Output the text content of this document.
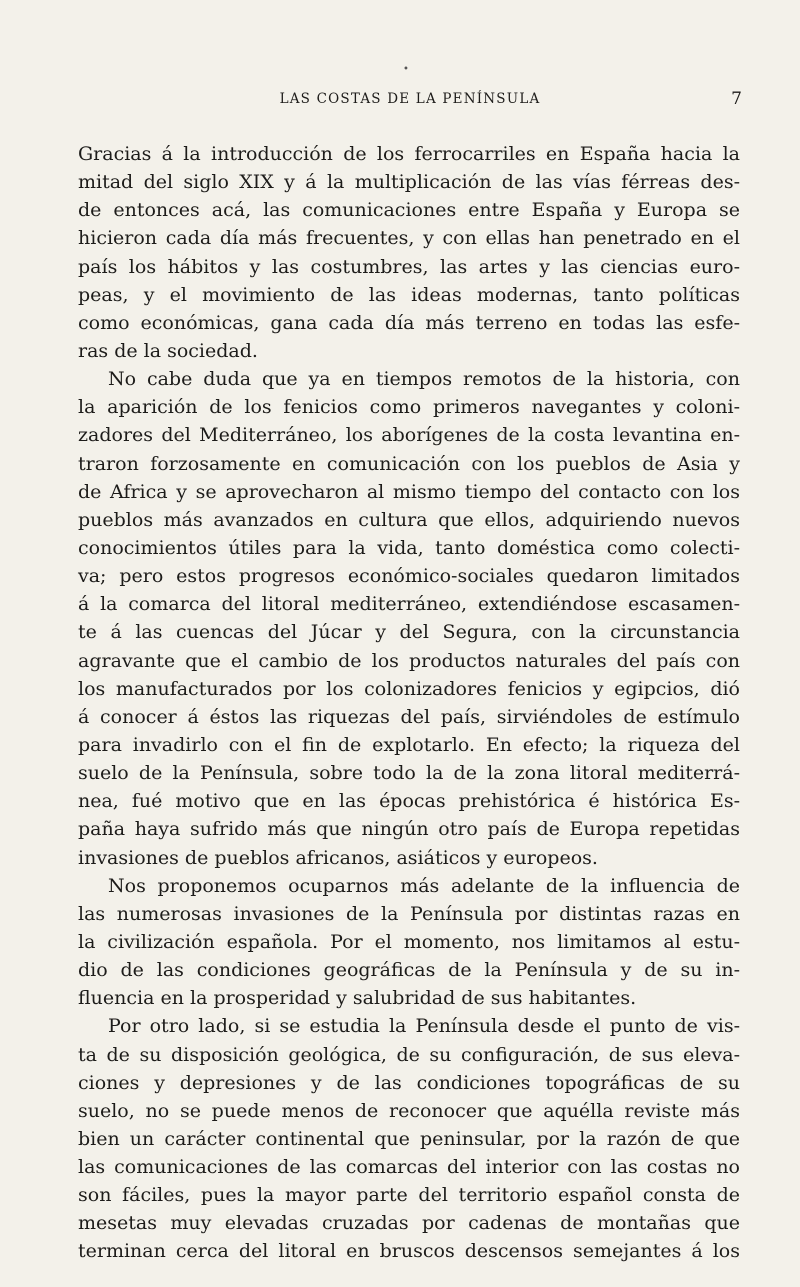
•
LAS COSTAS DE LA PENÍNSULA	7
Gracias á la introducción de los ferrocarriles en España hacia la
mitad del siglo XIX y á la multiplicación de las vías férreas des-
de entonces acá, las comunicaciones entre España y Europa se
hicieron cada día más frecuentes, y con ellas han penetrado en el
país los hábitos y las costumbres, las artes y las ciencias euro-
peas, y el movimiento de las ideas modernas, tanto políticas
como económicas, gana cada día más terreno en todas las esfe-
ras de la sociedad.
No cabe duda que ya en tiempos remotos de la historia, con
la aparición de los fenicios como primeros navegantes y coloni-
zadores del Mediterráneo, los aborígenes de la costa levantina en-
traron forzosamente en comunicación con los pueblos de Asia y
de Africa y se aprovecharon al mismo tiempo del contacto con los
pueblos más avanzados en cultura que ellos, adquiriendo nuevos
conocimientos útiles para la vida, tanto doméstica como colecti-
va; pero estos progresos económico-sociales quedaron limitados
á la comarca del litoral mediterráneo, extendiéndose escasamen-
te á las cuencas del Júcar y del Segura, con la circunstancia
agravante que el cambio de los productos naturales del país con
los manufacturados por los colonizadores fenicios y egipcios, dió
á conocer á éstos las riquezas del país, sirviéndoles de estímulo
para invadirlo con el fin de explotarlo. En efecto; la riqueza del
suelo de la Península, sobre todo la de la zona litoral mediterrá-
nea, fué motivo que en las épocas prehistórica é histórica Es-
paña haya sufrido más que ningún otro país de Europa repetidas
invasiones de pueblos africanos, asiáticos y europeos.
Nos proponemos ocuparnos más adelante de la influencia de
las numerosas invasiones de la Península por distintas razas en
la civilización española. Por el momento, nos limitamos al estu-
dio de las condiciones geográficas de la Península y de su in-
fluencia en la prosperidad y salubridad de sus habitantes.
Por otro lado, si se estudia la Península desde el punto de vis-
ta de su disposición geológica, de su configuración, de sus eleva-
ciones y depresiones y de las condiciones topográficas de su
suelo, no se puede menos de reconocer que aquélla reviste más
bien un carácter continental que peninsular, por la razón de que
las comunicaciones de las comarcas del interior con las costas no
son fáciles, pues la mayor parte del territorio español consta de
mesetas muy elevadas cruzadas por cadenas de montañas que
terminan cerca del litoral en bruscos descensos semejantes á los
